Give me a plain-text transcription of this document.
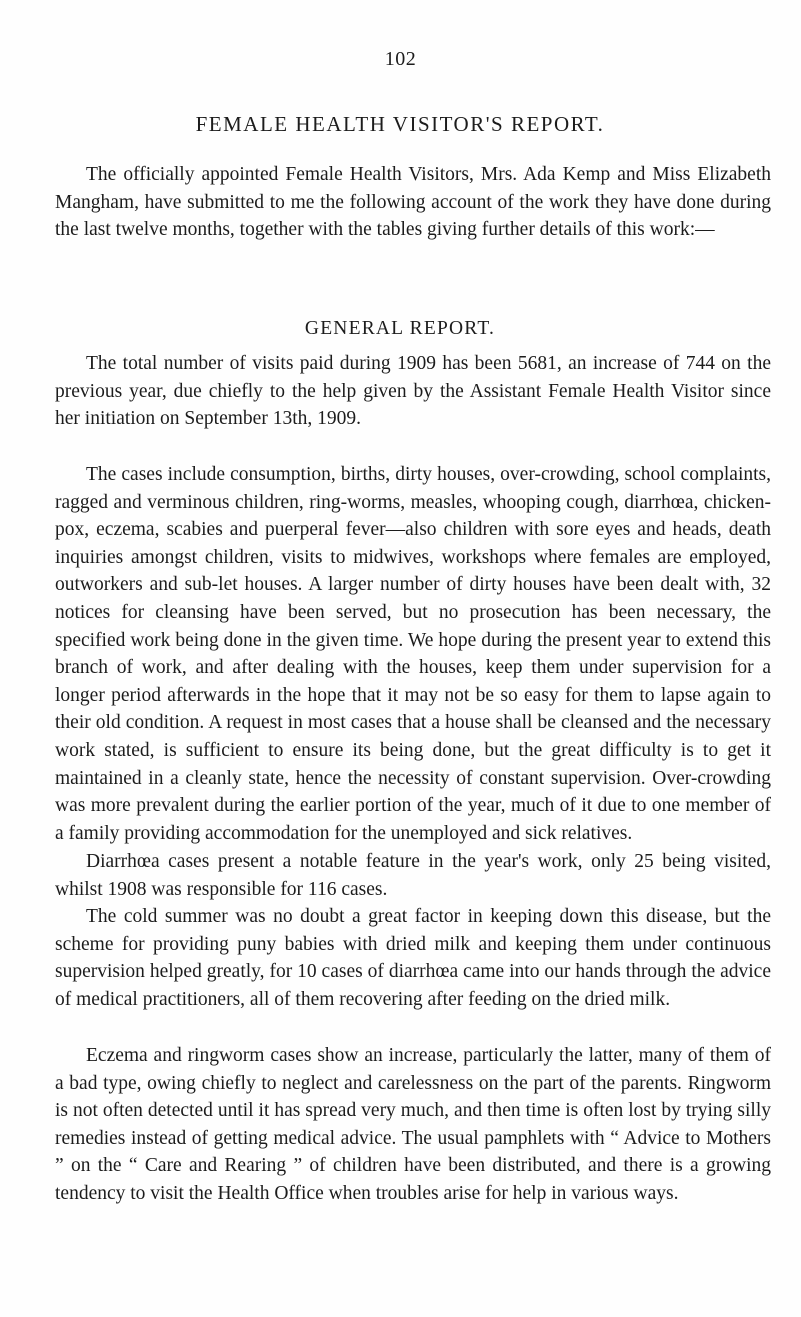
102
FEMALE HEALTH VISITOR'S REPORT.

The officially appointed Female Health Visitors, Mrs. Ada Kemp and Miss Elizabeth Mangham, have submitted to me the following account of the work they have done during the last twelve months, together with the tables giving further details of this work:—

GENERAL REPORT.

The total number of visits paid during 1909 has been 5681, an increase of 744 on the previous year, due chiefly to the help given by the Assistant Female Health Visitor since her initiation on September 13th, 1909.

The cases include consumption, births, dirty houses, over-crowding, school complaints, ragged and verminous children, ring-worms, measles, whooping cough, diarrhœa, chicken-pox, eczema, scabies and puerperal fever—also children with sore eyes and heads, death inquiries amongst children, visits to midwives, workshops where females are employed, outworkers and sub-let houses. A larger number of dirty houses have been dealt with, 32 notices for cleansing have been served, but no prosecution has been necessary, the specified work being done in the given time. We hope during the present year to extend this branch of work, and after dealing with the houses, keep them under supervision for a longer period afterwards in the hope that it may not be so easy for them to lapse again to their old condition. A request in most cases that a house shall be cleansed and the necessary work stated, is sufficient to ensure its being done, but the great difficulty is to get it maintained in a cleanly state, hence the necessity of constant supervision. Over-crowding was more prevalent during the earlier portion of the year, much of it due to one member of a family providing accommodation for the unemployed and sick relatives.

Diarrhœa cases present a notable feature in the year's work, only 25 being visited, whilst 1908 was responsible for 116 cases.

The cold summer was no doubt a great factor in keeping down this disease, but the scheme for providing puny babies with dried milk and keeping them under continuous supervision helped greatly, for 10 cases of diarrhœa came into our hands through the advice of medical practitioners, all of them recovering after feeding on the dried milk.

Eczema and ringworm cases show an increase, particularly the latter, many of them of a bad type, owing chiefly to neglect and carelessness on the part of the parents. Ringworm is not often detected until it has spread very much, and then time is often lost by trying silly remedies instead of getting medical advice. The usual pamphlets with “ Advice to Mothers ” on the “ Care and Rearing ” of children have been distributed, and there is a growing tendency to visit the Health Office when troubles arise for help in various ways.
